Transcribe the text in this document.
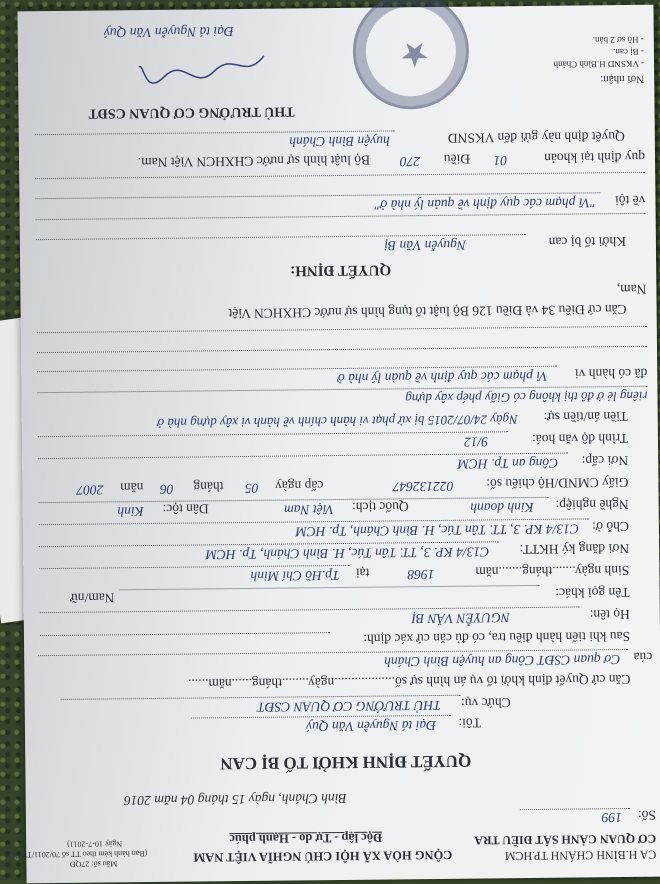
CA H.BÌNH CHÁNH TP.HCM
CƠ QUAN CẢNH SÁT ĐIỀU TRA
Số:
199
CỘNG HÒA XÃ HỘI CHỦ NGHĨA VIỆT NAM
Độc lập - Tự do - Hạnh phúc
Mẫu số: 27QĐ
(Ban hành kèm theo TT số 70/2011/TT-BCA
Ngày 10-7-2011)
Bình Chánh, ngày 15 tháng 04 năm 2016
QUYẾT ĐỊNH KHỞI TỐ BỊ CAN
Tôi:
Đại tá Nguyễn Văn Quý
Chức vụ:
THỦ TRƯỞNG CƠ QUAN CSĐT
Căn cứ Quyết định khởi tố vụ án hình sự số..................ngày........tháng......năm......
của
Cơ quan CSĐT Công an huyện Bình Chánh
Sau khi tiến hành điều tra, có đủ căn cứ xác định:
Họ tên:
NGUYỄN VĂN BỊ
Tên gọi khác:
Nam/nữ
Sinh ngày.......tháng.......năm
1968
tại
Tp.Hồ Chí Minh
Nơi đăng ký HKTT:
C13/4 KP. 3, TT. Tân Túc, H. Bình Chánh, Tp. HCM
Chỗ ở:
C13/4 KP. 3, TT. Tân Túc, H. Bình Chánh, Tp. HCM
Nghề nghiệp:
Kinh doanh
Quốc tịch:
Việt Nam
Dân tộc:
Kinh
Giấy CMND/Hộ chiếu số:
022132647
cấp ngày
05
tháng
06
năm
2007
Nơi cấp:
Công an Tp. HCM
Trình độ văn hoá:
9/12
Tiền án/tiền sự:
Ngày 24/07/2015 bị xử phạt vi hành chính về hành vi xây dựng nhà ở
riêng lẻ ở đô thị không có Giấy phép xây dựng
đã có hành vi
Vi phạm các quy định về quản lý nhà ở
Căn cứ Điều 34 và Điều 126 Bộ luật tố tụng hình sự nước CHXHCN Việt
Nam,
QUYẾT ĐỊNH:
Khởi tố bị can
Nguyễn Văn Bị
về tội
"Vi phạm các quy định về quản lý nhà ở"
quy định tại khoản
01
Điều
270
Bộ luật hình sự nước CHXHCN Việt Nam.
Quyết định này gửi đến VKSND
huyện Bình Chánh
THỦ TRƯỞNG CƠ QUAN CSĐT
★
Đại tá Nguyễn Văn Quý
Nơi nhận:
- VKSND H.Bình Chánh
- Bị can.
- Hồ sơ 2 bản.
